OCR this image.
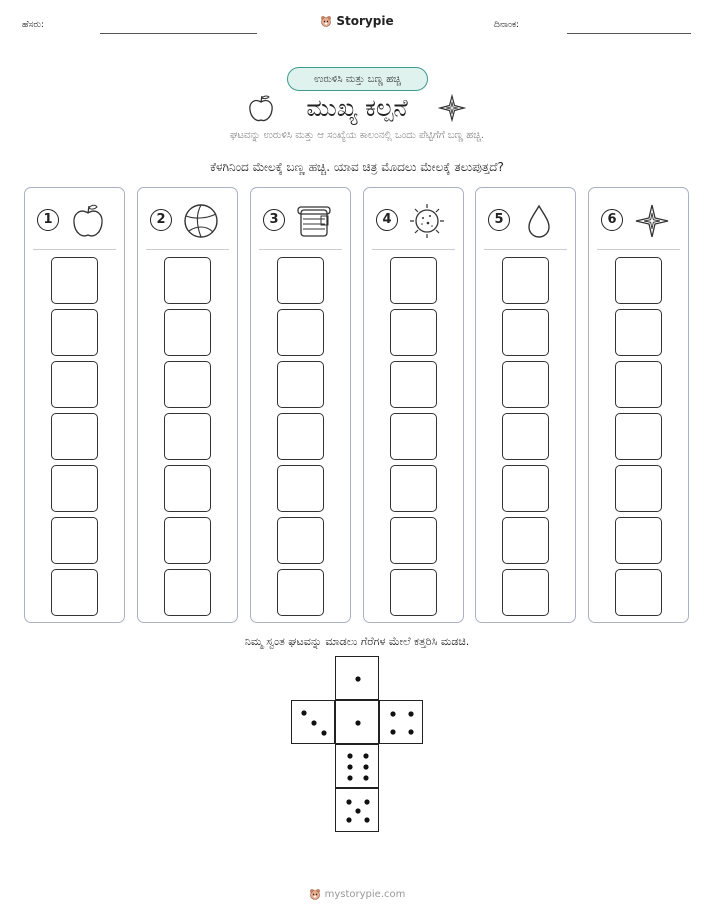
ಹೆಸರು:	ದಿನಾಂಕ:
Storypie
ಉರುಳಿಸಿ ಮತ್ತು ಬಣ್ಣ ಹಚ್ಚಿ
ಮುಖ್ಯ ಕಲ್ಪನೆ
ಘಟವನ್ನು ಉರುಳಿಸಿ ಮತ್ತು ಆ ಸಂಖ್ಯೆಯ ಕಾಲಂನಲ್ಲಿ ಒಂದು ಪೆಟ್ಟಿಗೆಗೆ ಬಣ್ಣ ಹಚ್ಚಿ.
ಕೆಳಗಿನಿಂದ ಮೇಲಕ್ಕೆ ಬಣ್ಣ ಹಚ್ಚಿ. ಯಾವ ಚಿತ್ರ ಮೊದಲು ಮೇಲಕ್ಕೆ ತಲುಪುತ್ತದೆ?
1	2	3	4	5	6
ನಿಮ್ಮ ಸ್ವಂತ ಘಟವನ್ನು ಮಾಡಲು ಗೆರೆಗಳ ಮೇಲೆ ಕತ್ತರಿಸಿ ಮಡಚಿ.
mystorypie.com
